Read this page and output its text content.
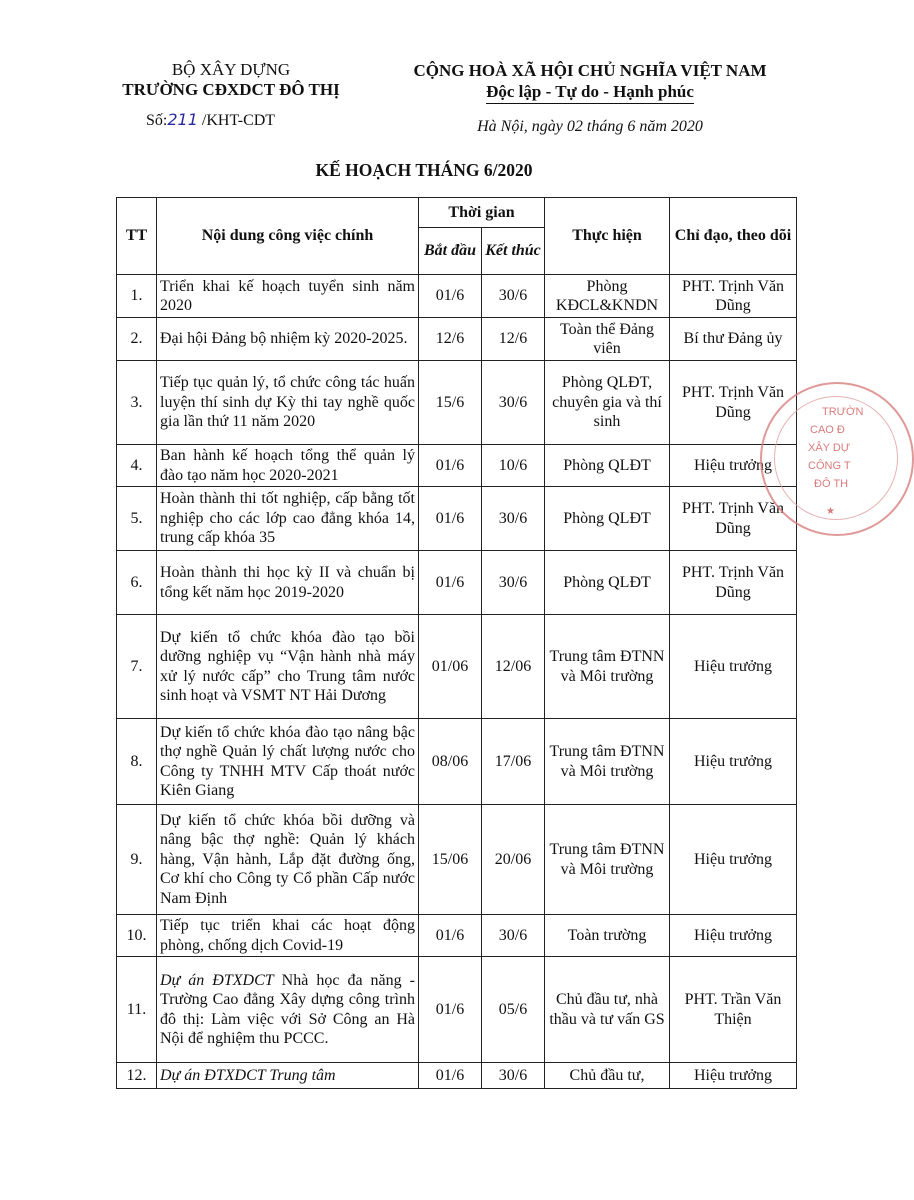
BỘ XÂY DỰNG
TRƯỜNG CĐXDCT ĐÔ THỊ
Số:211 /KHT-CDT
CỘNG HOÀ XÃ HỘI CHỦ NGHĨA VIỆT NAM
Độc lập - Tự do - Hạnh phúc
Hà Nội, ngày 02 tháng 6 năm 2020
KẾ HOẠCH THÁNG 6/2020
TT	Nội dung công việc chính	Thời gian		Thực hiện	Chỉ đạo, theo dõi
		Bắt đầu	Kết thúc		
1.	Triển khai kế hoạch tuyển sinh năm 2020	01/6	30/6	Phòng KĐCL&KNDN	PHT. Trịnh Văn Dũng
2.	Đại hội Đảng bộ nhiệm kỳ 2020-2025.	12/6	12/6	Toàn thể Đảng viên	Bí thư Đảng ủy
3.	Tiếp tục quản lý, tổ chức công tác huấn luyện thí sinh dự Kỳ thi tay nghề quốc gia lần thứ 11 năm 2020	15/6	30/6	Phòng QLĐT, chuyên gia và thí sinh	PHT. Trịnh Văn Dũng
4.	Ban hành kế hoạch tổng thể quản lý đào tạo năm học 2020-2021	01/6	10/6	Phòng QLĐT	Hiệu trưởng
5.	Hoàn thành thi tốt nghiệp, cấp bằng tốt nghiệp cho các lớp cao đẳng khóa 14, trung cấp khóa 35	01/6	30/6	Phòng QLĐT	PHT. Trịnh Văn Dũng
6.	Hoàn thành thi học kỳ II và chuẩn bị tổng kết năm học 2019-2020	01/6	30/6	Phòng QLĐT	PHT. Trịnh Văn Dũng
7.	Dự kiến tổ chức khóa đào tạo bồi dưỡng nghiệp vụ “Vận hành nhà máy xử lý nước cấp” cho Trung tâm nước sinh hoạt và VSMT NT Hải Dương	01/06	12/06	Trung tâm ĐTNN và Môi trường	Hiệu trưởng
8.	Dự kiến tổ chức khóa đào tạo nâng bậc thợ nghề Quản lý chất lượng nước cho Công ty TNHH MTV Cấp thoát nước Kiên Giang	08/06	17/06	Trung tâm ĐTNN và Môi trường	Hiệu trưởng
9.	Dự kiến tổ chức khóa bồi dưỡng và nâng bậc thợ nghề: Quản lý khách hàng, Vận hành, Lắp đặt đường ống, Cơ khí cho Công ty Cổ phần Cấp nước Nam Định	15/06	20/06	Trung tâm ĐTNN và Môi trường	Hiệu trưởng
10.	Tiếp tục triển khai các hoạt động phòng, chống dịch Covid-19	01/6	30/6	Toàn trường	Hiệu trưởng
11.	Dự án ĐTXDCT Nhà học đa năng -Trường Cao đẳng Xây dựng công trình đô thị: Làm việc với Sở Công an Hà Nội để nghiệm thu PCCC.	01/6	05/6	Chủ đầu tư, nhà thầu và tư vấn GS	PHT. Trần Văn Thiện
12.	Dự án ĐTXDCT Trung tâm	01/6	30/6	Chủ đầu tư,	Hiệu trưởng
TRƯỜN
CAO Đ
XÂY DỰ
CÔNG T
ĐÔ TH
★
